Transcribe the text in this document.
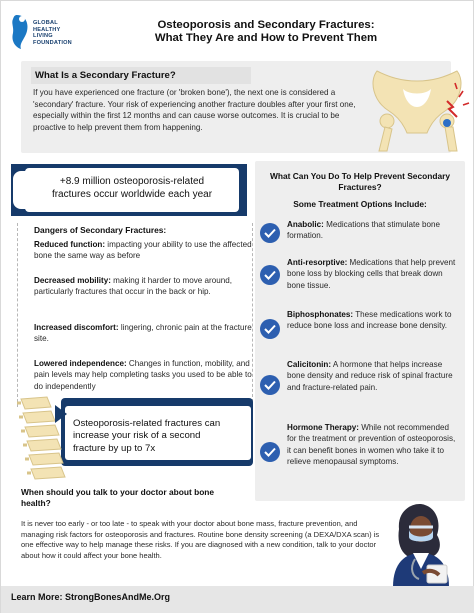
GLOBAL
HEALTHY
LIVING
FOUNDATION
Osteoporosis and Secondary Fractures:
What They Are and How to Prevent Them
What Is a Secondary Fracture?
If you have experienced one fracture (or 'broken bone'), the next one is considered a 'secondary' fracture. Your risk of experiencing another fracture doubles after your first one, especially within the first 12 months and can cause worse outcomes. It is crucial to be proactive to help prevent them from happening.
+8.9 million osteoporosis-related
fractures occur worldwide each year
Dangers of Secondary Fractures:
Reduced function: impacting your ability to use the affected bone the same way as before
Decreased mobility: making it harder to move around, particularly fractures that occur in the back or hip.
Increased discomfort: lingering, chronic pain at the fracture site.
Lowered independence: Changes in function, mobility, and pain levels may help completing tasks you used to be able to do independently
Osteoporosis-related fractures can
increase your risk of a second
fracture by up to 7x
When should you talk to your doctor about bone health?
It is never too early - or too late - to speak with your doctor about bone mass, fracture prevention, and managing risk factors for osteoporosis and fractures. Routine bone density screening (a DEXA/DXA scan) is one effective way to help manage these risks. If you are diagnosed with a new condition, talk to your doctor about how it could affect your bone health.
What Can You Do To Help Prevent Secondary Fractures?
Some Treatment Options Include:
Anabolic: Medications that stimulate bone formation.
Anti-resorptive: Medications that help prevent bone loss by blocking cells that break down bone tissue.
Biphosphonates: These medications work to reduce bone loss and increase bone density.
Calicitonin: A hormone that helps increase bone density and reduce risk of spinal fracture and fracture-related pain.
Hormone Therapy: While not recommended for the treatment or prevention of osteoporosis, it can benefit bones in women who take it to relieve menopausal symptoms.
Learn More: StrongBonesAndMe.Org
